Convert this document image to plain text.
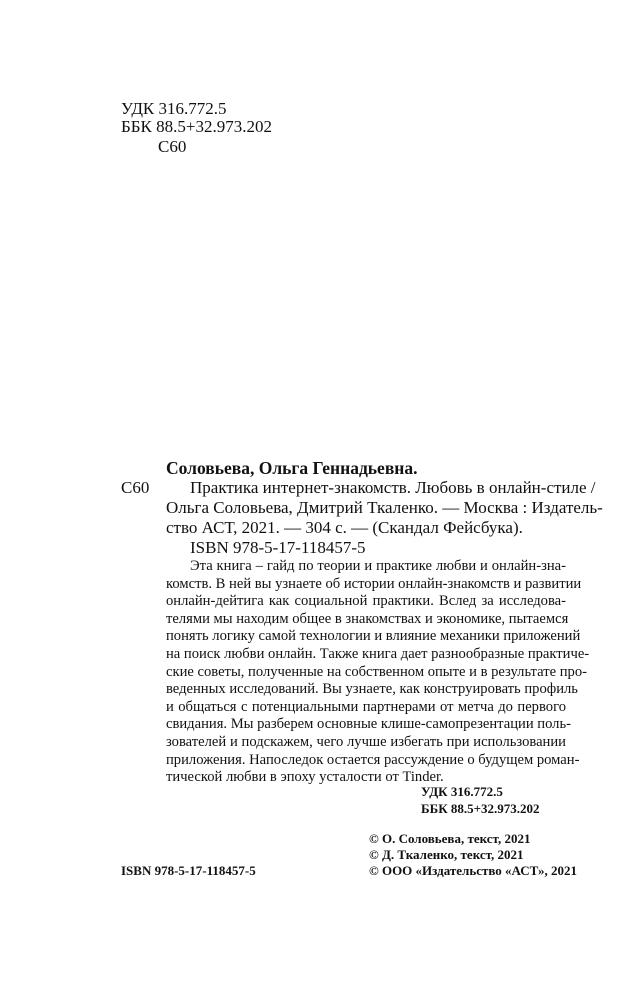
УДК 316.772.5
ББК 88.5+32.973.202
С60
Соловьева, Ольга Геннадьевна.
С60 Практика интернет-знакомств. Любовь в онлайн-стиле /
Ольга Соловьева, Дмитрий Ткаленко. — Москва : Издатель-
ство АСТ, 2021. — 304 с. — (Скандал Фейсбука).
ISBN 978-5-17-118457-5
Эта книга – гайд по теории и практике любви и онлайн-зна-
комств. В ней вы узнаете об истории онлайн-знакомств и развитии
онлайн-дейтига как социальной практики. Вслед за исследова-
телями мы находим общее в знакомствах и экономике, пытаемся
понять логику самой технологии и влияние механики приложений
на поиск любви онлайн. Также книга дает разнообразные практиче-
ские советы, полученные на собственном опыте и в результате про-
веденных исследований. Вы узнаете, как конструировать профиль
и общаться с потенциальными партнерами от метча до первого
свидания. Мы разберем основные клише-самопрезентации поль-
зователей и подскажем, чего лучше избегать при использовании
приложения. Напоследок остается рассуждение о будущем роман-
тической любви в эпоху усталости от Tinder.
УДК 316.772.5
ББК 88.5+32.973.202
© О. Соловьева, текст, 2021
© Д. Ткаленко, текст, 2021
ISBN 978-5-17-118457-5	© ООО «Издательство «АСТ», 2021
